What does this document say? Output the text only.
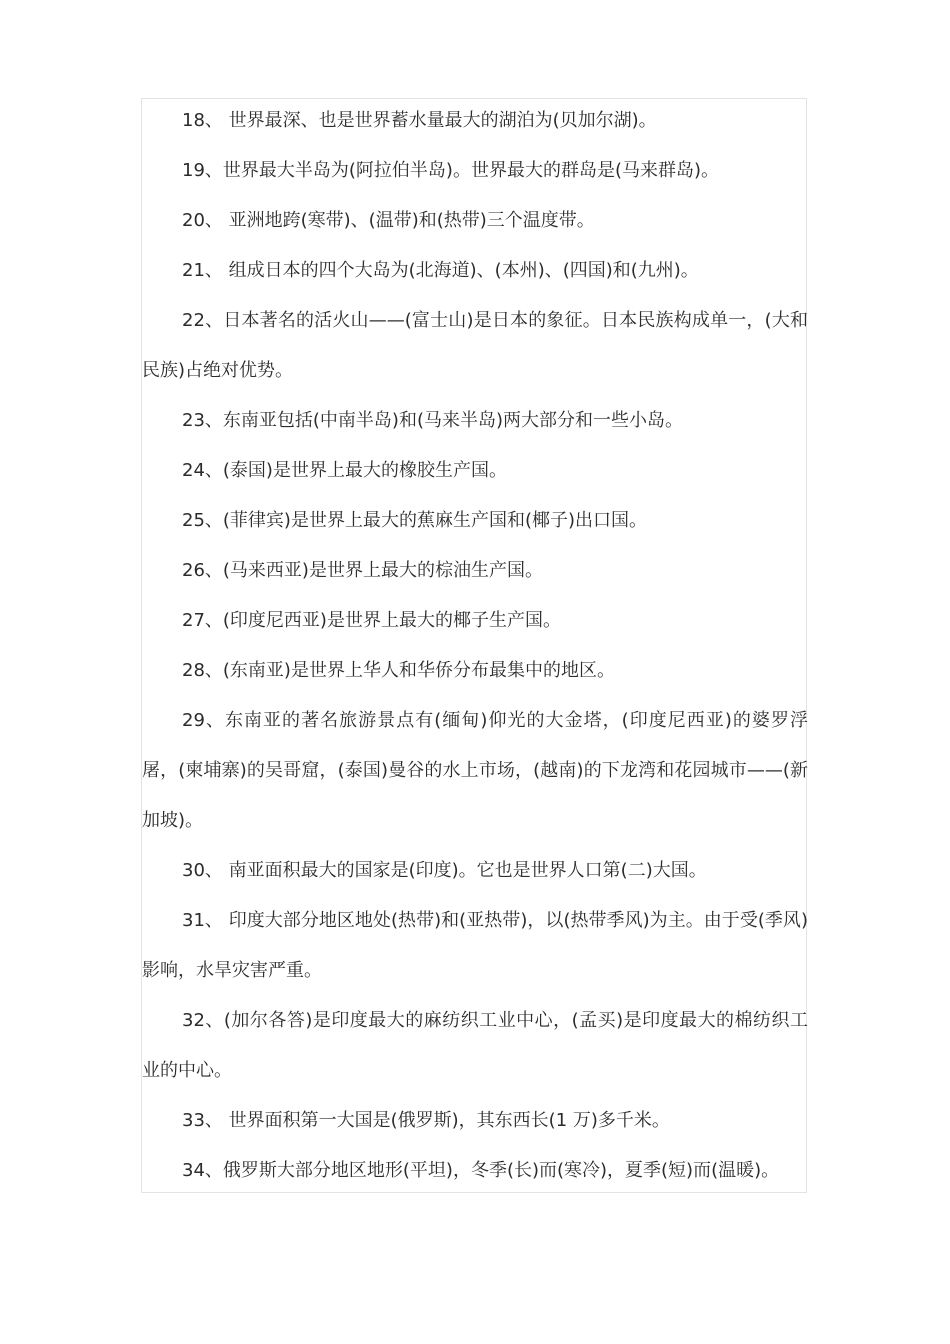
18、 世界最深、也是世界蓄水量最大的湖泊为(贝加尔湖)。

19、世界最大半岛为(阿拉伯半岛)。世界最大的群岛是(马来群岛)。

20、 亚洲地跨(寒带)、(温带)和(热带)三个温度带。

21、 组成日本的四个大岛为(北海道)、(本州)、(四国)和(九州)。

22、日本著名的活火山——(富士山)是日本的象征。日本民族构成单一，(大和民族)占绝对优势。

23、东南亚包括(中南半岛)和(马来半岛)两大部分和一些小岛。

24、(泰国)是世界上最大的橡胶生产国。

25、(菲律宾)是世界上最大的蕉麻生产国和(椰子)出口国。

26、(马来西亚)是世界上最大的棕油生产国。

27、(印度尼西亚)是世界上最大的椰子生产国。

28、(东南亚)是世界上华人和华侨分布最集中的地区。

29、东南亚的著名旅游景点有(缅甸)仰光的大金塔，(印度尼西亚)的婆罗浮屠，(柬埔寨)的吴哥窟，(泰国)曼谷的水上市场，(越南)的下龙湾和花园城市——(新加坡)。

30、 南亚面积最大的国家是(印度)。它也是世界人口第(二)大国。

31、 印度大部分地区地处(热带)和(亚热带)，以(热带季风)为主。由于受(季风)影响，水旱灾害严重。

32、(加尔各答)是印度最大的麻纺织工业中心，(孟买)是印度最大的棉纺织工业的中心。

33、 世界面积第一大国是(俄罗斯)，其东西长(1 万)多千米。

34、俄罗斯大部分地区地形(平坦)，冬季(长)而(寒冷)，夏季(短)而(温暖)。
